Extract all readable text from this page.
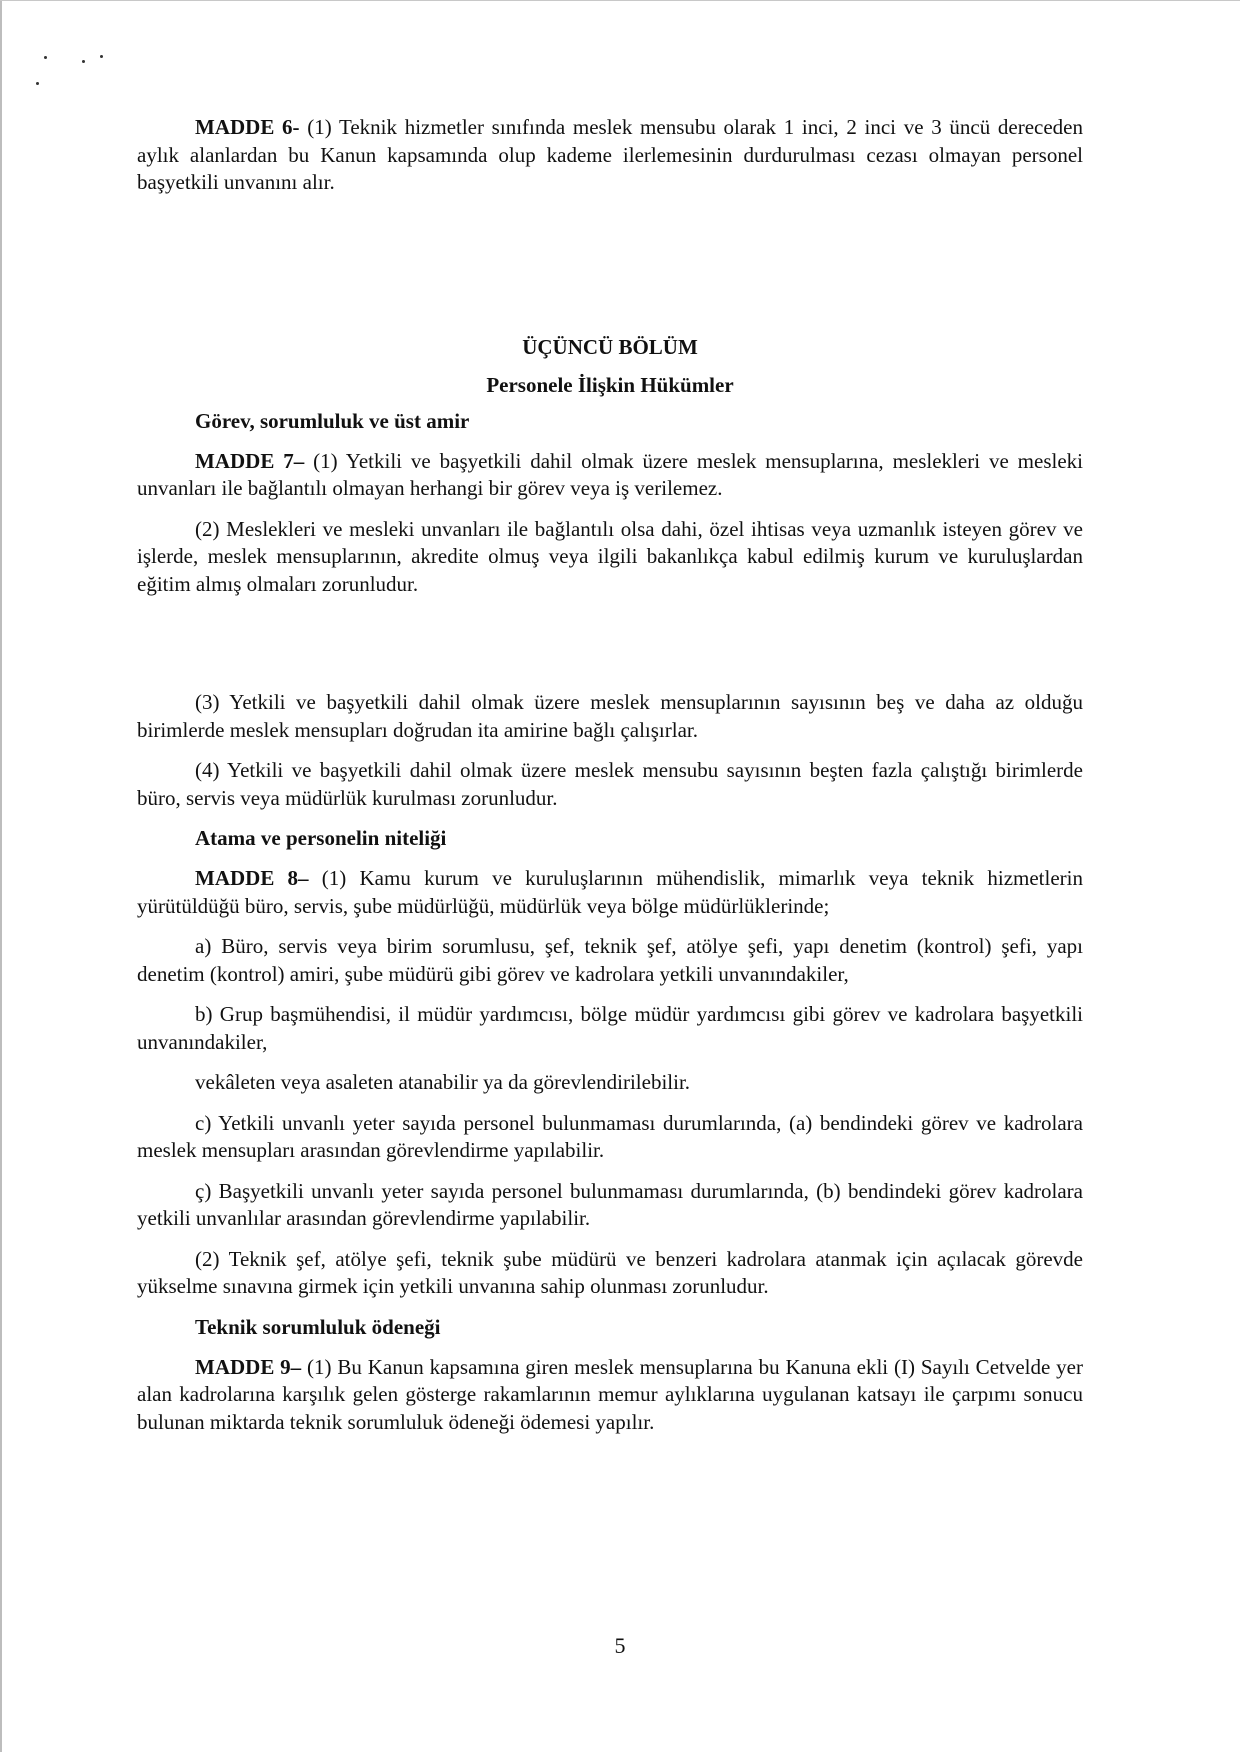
MADDE 6- (1) Teknik hizmetler sınıfında meslek mensubu olarak 1 inci, 2 inci ve 3 üncü dereceden aylık alanlardan bu Kanun kapsamında olup kademe ilerlemesinin durdurulması cezası olmayan personel başyetkili unvanını alır.

ÜÇÜNCÜ BÖLÜM
Personele İlişkin Hükümler
Görev, sorumluluk ve üst amir

MADDE 7– (1) Yetkili ve başyetkili dahil olmak üzere meslek mensuplarına, meslekleri ve mesleki unvanları ile bağlantılı olmayan herhangi bir görev veya iş verilemez.

(2) Meslekleri ve mesleki unvanları ile bağlantılı olsa dahi, özel ihtisas veya uzmanlık isteyen görev ve işlerde, meslek mensuplarının, akredite olmuş veya ilgili bakanlıkça kabul edilmiş kurum ve kuruluşlardan eğitim almış olmaları zorunludur.

(3) Yetkili ve başyetkili dahil olmak üzere meslek mensuplarının sayısının beş ve daha az olduğu birimlerde meslek mensupları doğrudan ita amirine bağlı çalışırlar.

(4) Yetkili ve başyetkili dahil olmak üzere meslek mensubu sayısının beşten fazla çalıştığı birimlerde büro, servis veya müdürlük kurulması zorunludur.

Atama ve personelin niteliği

MADDE 8– (1) Kamu kurum ve kuruluşlarının mühendislik, mimarlık veya teknik hizmetlerin yürütüldüğü büro, servis, şube müdürlüğü, müdürlük veya bölge müdürlüklerinde;

a) Büro, servis veya birim sorumlusu, şef, teknik şef, atölye şefi, yapı denetim (kontrol) şefi, yapı denetim (kontrol) amiri, şube müdürü gibi görev ve kadrolara yetkili unvanındakiler,

b) Grup başmühendisi, il müdür yardımcısı, bölge müdür yardımcısı gibi görev ve kadrolara başyetkili unvanındakiler,

vekâleten veya asaleten atanabilir ya da görevlendirilebilir.

c) Yetkili unvanlı yeter sayıda personel bulunmaması durumlarında, (a) bendindeki görev ve kadrolara meslek mensupları arasından görevlendirme yapılabilir.

ç) Başyetkili unvanlı yeter sayıda personel bulunmaması durumlarında, (b) bendindeki görev kadrolara yetkili unvanlılar arasından görevlendirme yapılabilir.

(2) Teknik şef, atölye şefi, teknik şube müdürü ve benzeri kadrolara atanmak için açılacak görevde yükselme sınavına girmek için yetkili unvanına sahip olunması zorunludur.

Teknik sorumluluk ödeneği

MADDE 9– (1) Bu Kanun kapsamına giren meslek mensuplarına bu Kanuna ekli (I) Sayılı Cetvelde yer alan kadrolarına karşılık gelen gösterge rakamlarının memur aylıklarına uygulanan katsayı ile çarpımı sonucu bulunan miktarda teknik sorumluluk ödeneği ödemesi yapılır.

5
